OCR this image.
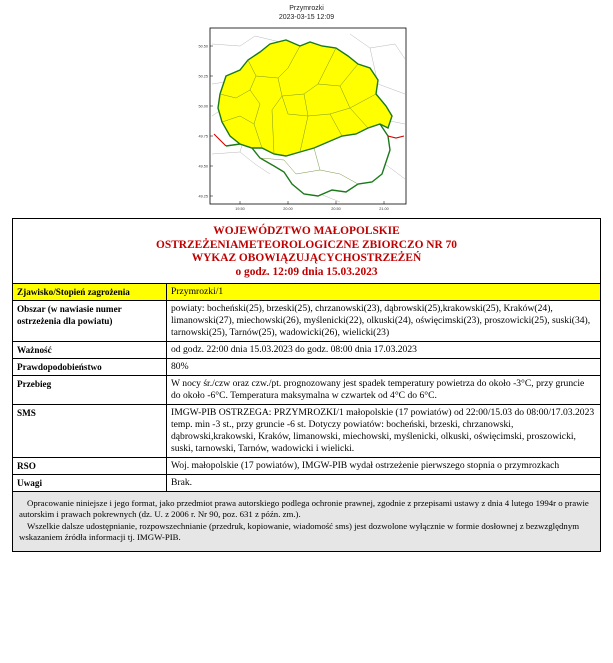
Przymrozki
2023-03-15 12:09
50.50
50.25
50.00
49.75
49.50
49.25
19.50	20.00	20.50	21.00
WOJEWÓDZTWO MAŁOPOLSKIE
OSTRZEŻENIAMETEOROLOGICZNE ZBIORCZO NR 70
WYKAZ OBOWIĄZUJĄCYCHOSTRZEŻEŃ
o godz. 12:09 dnia 15.03.2023	

Zjawisko/Stopień zagrożenia	Przymrozki/1
Obszar (w nawiasie numer ostrzeżenia dla powiatu)	powiaty: bocheński(25), brzeski(25), chrzanowski(23), dąbrowski(25),krakowski(25), Kraków(24), limanowski(27), miechowski(26), myślenicki(22), olkuski(24), oświęcimski(23), proszowicki(25), suski(34), tarnowski(25), Tarnów(25), wadowicki(26), wielicki(23)
Ważność	od godz. 22:00 dnia 15.03.2023 do godz. 08:00 dnia 17.03.2023
Prawdopodobieństwo	80%
Przebieg	W nocy śr./czw oraz czw./pt. prognozowany jest spadek temperatury powietrza do około -3°C, przy gruncie do około -6°C. Temperatura maksymalna w czwartek od 4°C do 6°C.
SMS	IMGW-PIB OSTRZEGA: PRZYMROZKI/1 małopolskie (17 powiatów) od 22:00/15.03 do 08:00/17.03.2023 temp. min -3 st., przy gruncie -6 st. Dotyczy powiatów: bocheński, brzeski, chrzanowski, dąbrowski,krakowski, Kraków, limanowski, miechowski, myślenicki, olkuski, oświęcimski, proszowicki, suski, tarnowski, Tarnów, wadowicki i wielicki.
RSO	Woj. małopolskie (17 powiatów), IMGW-PIB wydał ostrzeżenie pierwszego stopnia o przymrozkach
Uwagi	Brak.

Opracowanie niniejsze i jego format, jako przedmiot prawa autorskiego podlega ochronie prawnej, zgodnie z przepisami ustawy z dnia 4 lutego 1994r o prawie autorskim i prawach pokrewnych (dz. U. z 2006 r. Nr 90, poz. 631 z późn. zm.).

Wszelkie dalsze udostępnianie, rozpowszechnianie (przedruk, kopiowanie, wiadomość sms) jest dozwolone wyłącznie w formie dosłownej z bezwzględnym wskazaniem źródła informacji tj. IMGW-PIB.	
